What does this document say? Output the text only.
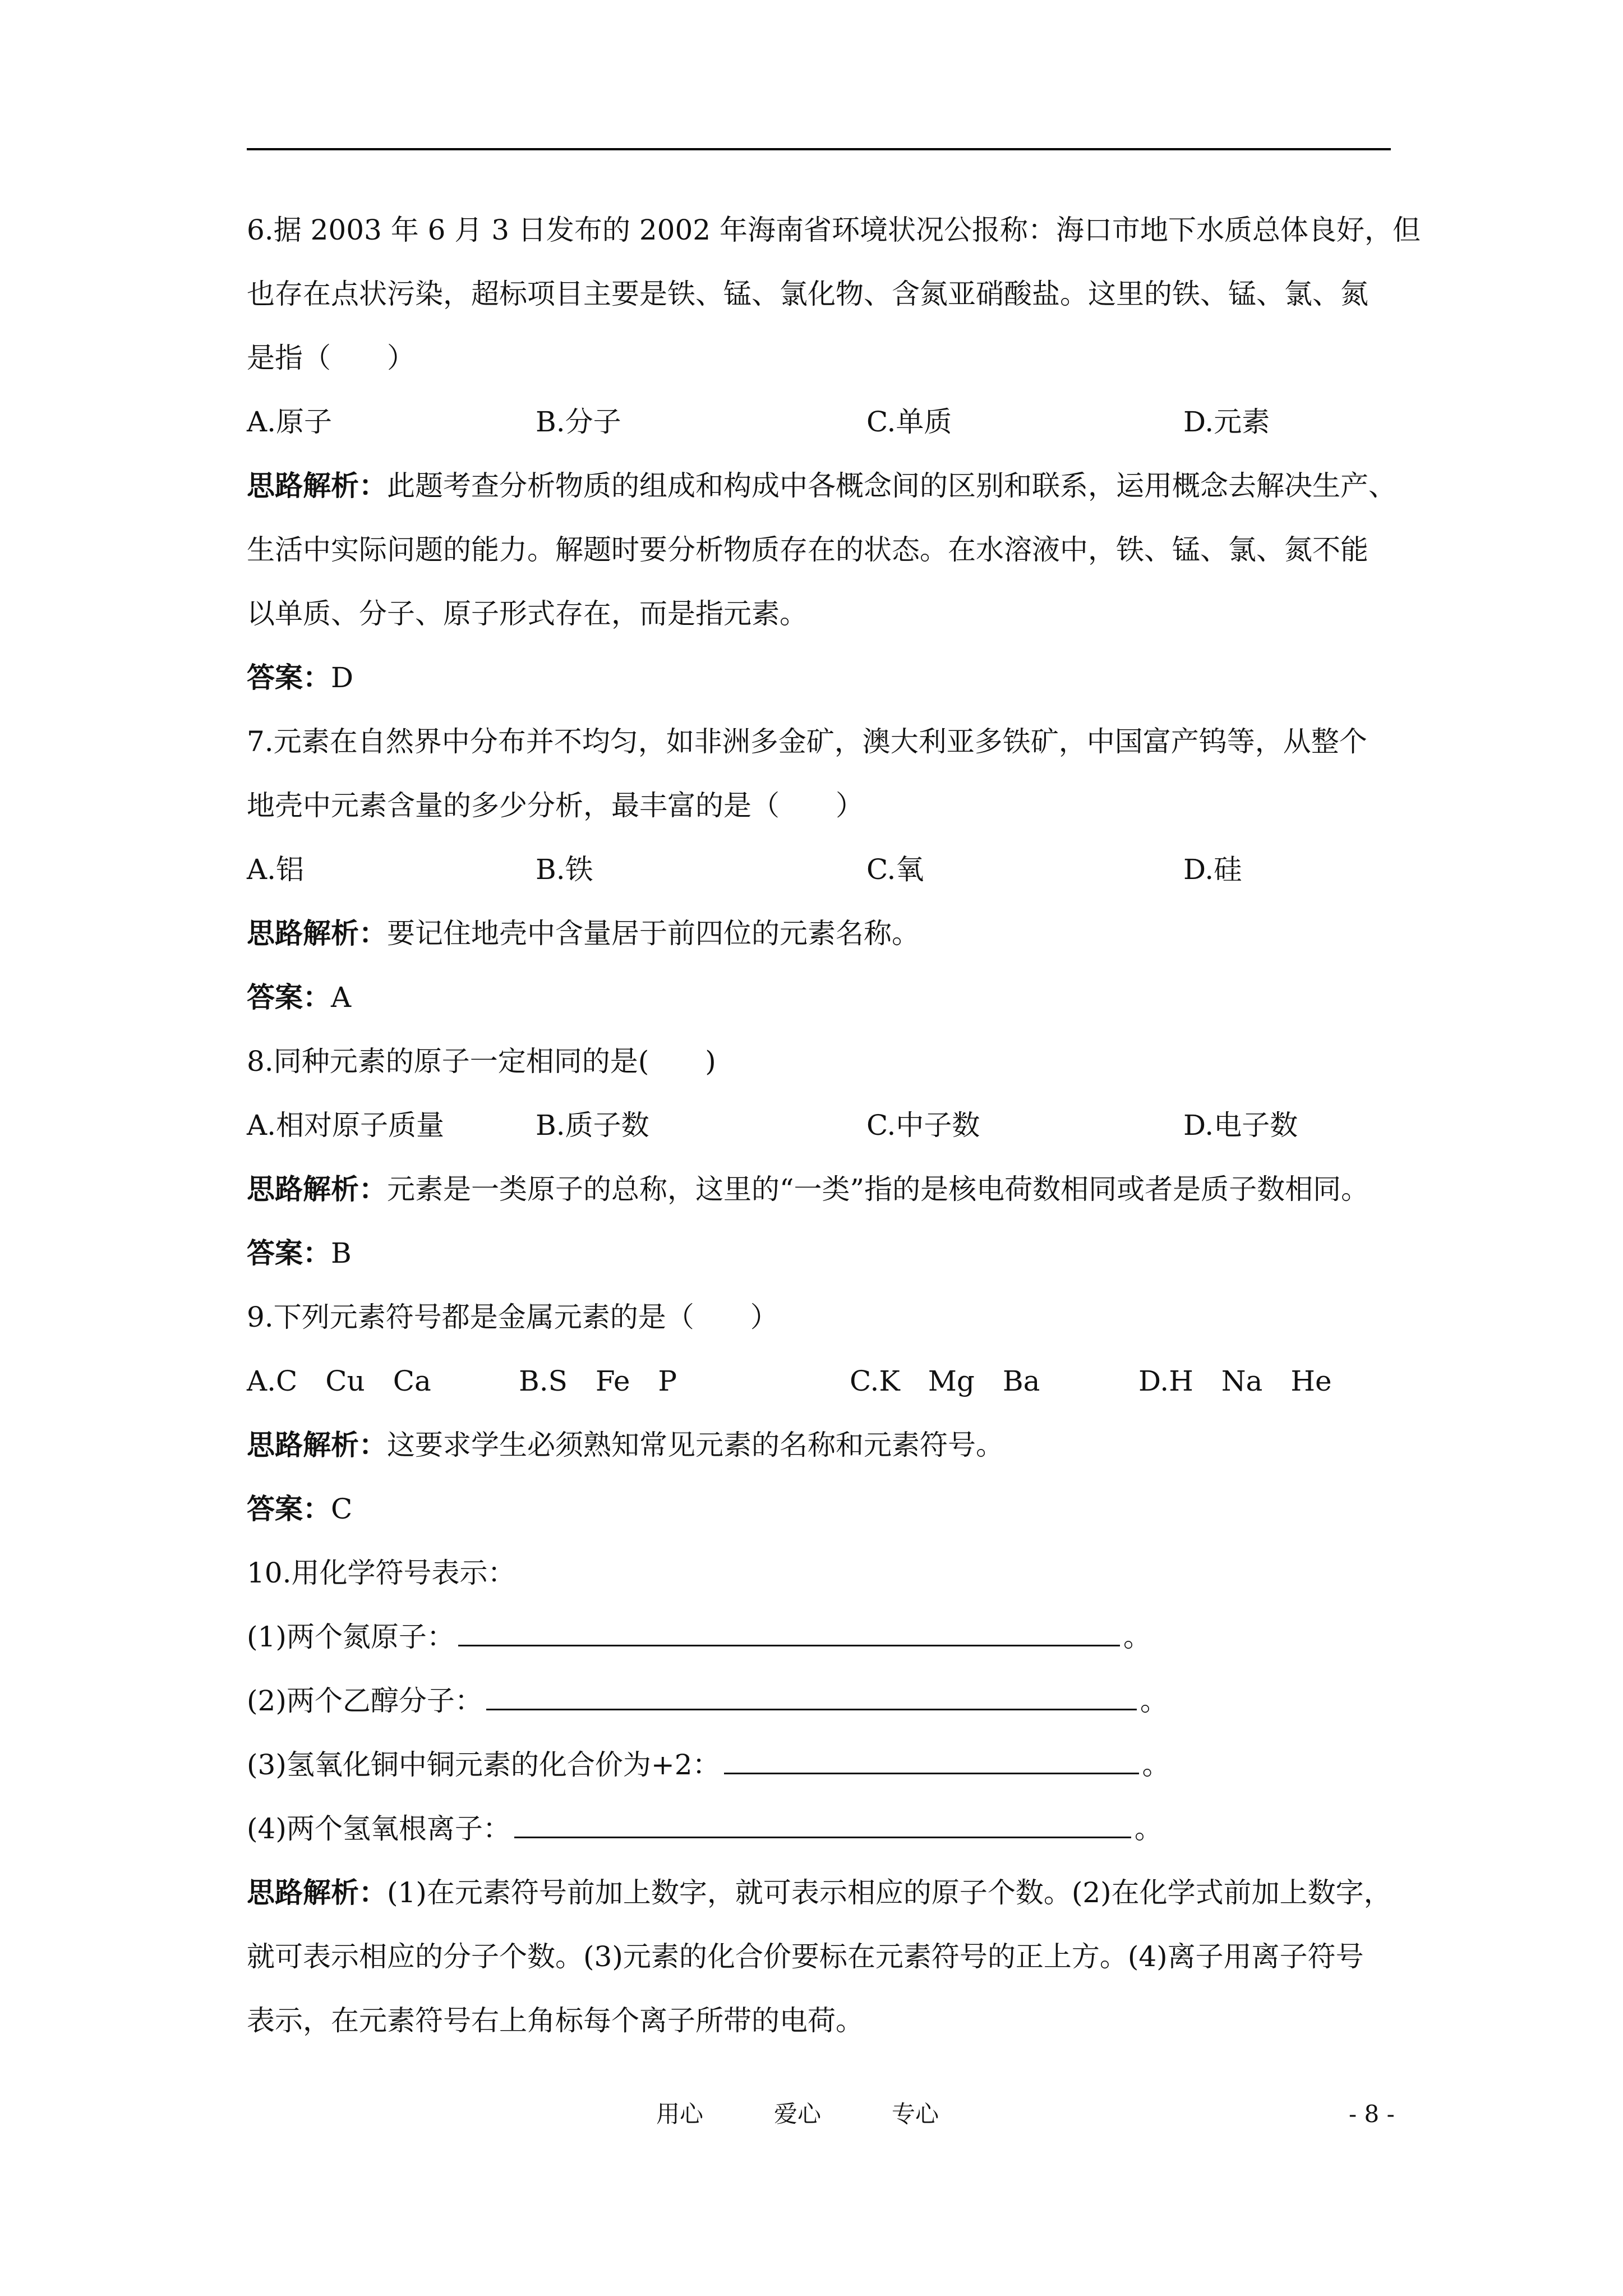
6.据 2003 年 6 月 3 日发布的 2002 年海南省环境状况公报称：海口市地下水质总体良好，但
也存在点状污染，超标项目主要是铁、锰、氯化物、含氮亚硝酸盐。这里的铁、锰、氯、氮
是指（　　）
A.原子	B.分子	C.单质	D.元素
思路解析：此题考查分析物质的组成和构成中各概念间的区别和联系，运用概念去解决生产、
生活中实际问题的能力。解题时要分析物质存在的状态。在水溶液中，铁、锰、氯、氮不能
以单质、分子、原子形式存在，而是指元素。
答案：D
7.元素在自然界中分布并不均匀，如非洲多金矿，澳大利亚多铁矿，中国富产钨等，从整个
地壳中元素含量的多少分析，最丰富的是（　　）
A.铝	B.铁	C.氧	D.硅
思路解析：要记住地壳中含量居于前四位的元素名称。
答案：A
8.同种元素的原子一定相同的是(　　)
A.相对原子质量	B.质子数	C.中子数	D.电子数
思路解析：元素是一类原子的总称，这里的“一类”指的是核电荷数相同或者是质子数相同。
答案：B
9.下列元素符号都是金属元素的是（　　）
A.C　Cu　Ca	B.S　Fe　P	C.K　Mg　Ba	D.H　Na　He
思路解析：这要求学生必须熟知常见元素的名称和元素符号。
答案：C
10.用化学符号表示：
(1)两个氮原子：	。
(2)两个乙醇分子：	。
(3)氢氧化铜中铜元素的化合价为+2：	。
(4)两个氢氧根离子：	。
思路解析：(1)在元素符号前加上数字，就可表示相应的原子个数。(2)在化学式前加上数字，
就可表示相应的分子个数。(3)元素的化合价要标在元素符号的正上方。(4)离子用离子符号
表示，在元素符号右上角标每个离子所带的电荷。
用心　　　爱心　　　专心	- 8 -
